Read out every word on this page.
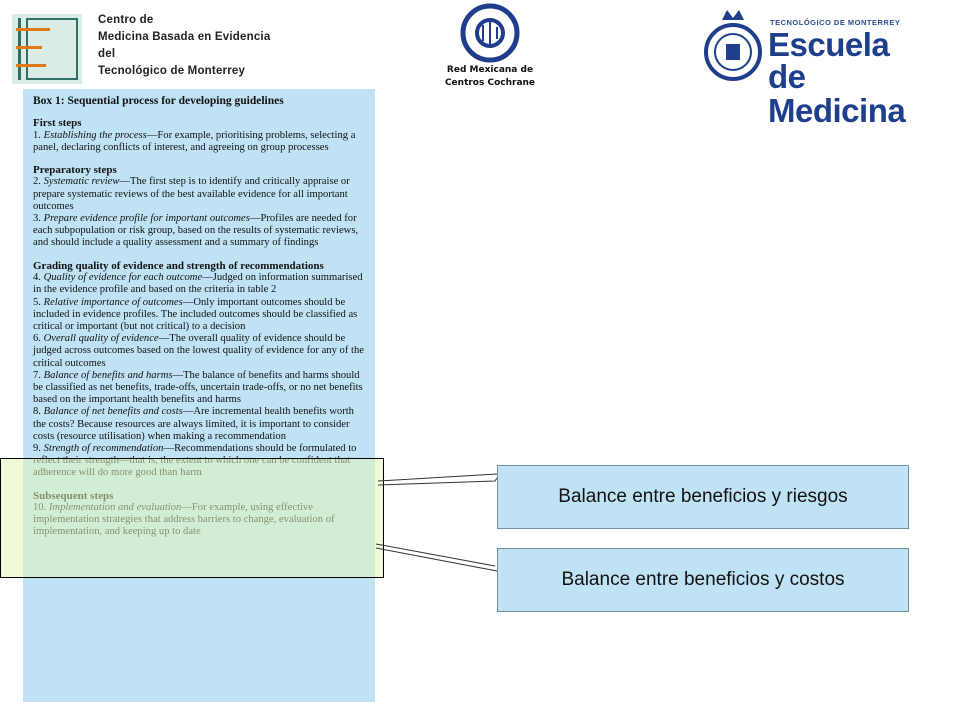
Centro de
Medicina Basada en Evidencia
del
Tecnológico de Monterrey	Red Mexicana de
Centros Cochrane
TECNOLÓGICO DE MONTERREY
Escuela
de Medicina
Box 1: Sequential process for developing guidelines
First steps
1. Establishing the process—For example, prioritising problems, selecting a panel, declaring conflicts of interest, and agreeing on group processes
Preparatory steps
2. Systematic review—The first step is to identify and critically appraise or prepare systematic reviews of the best available evidence for all important outcomes
3. Prepare evidence profile for important outcomes—Profiles are needed for each subpopulation or risk group, based on the results of systematic reviews, and should include a quality assessment and a summary of findings
Grading quality of evidence and strength of recommendations
4. Quality of evidence for each outcome—Judged on information summarised in the evidence profile and based on the criteria in table 2
5. Relative importance of outcomes—Only important outcomes should be included in evidence profiles. The included outcomes should be classified as critical or important (but not critical) to a decision
6. Overall quality of evidence—The overall quality of evidence should be judged across outcomes based on the lowest quality of evidence for any of the critical outcomes
7. Balance of benefits and harms—The balance of benefits and harms should be classified as net benefits, trade-offs, uncertain trade-offs, or no net benefits based on the important health benefits and harms
8. Balance of net benefits and costs—Are incremental health benefits worth the costs? Because resources are always limited, it is important to consider costs (resource utilisation) when making a recommendation
9. Strength of recommendation—Recommendations should be formulated to
Balance entre beneficios y riesgos
Balance entre beneficios y costos
